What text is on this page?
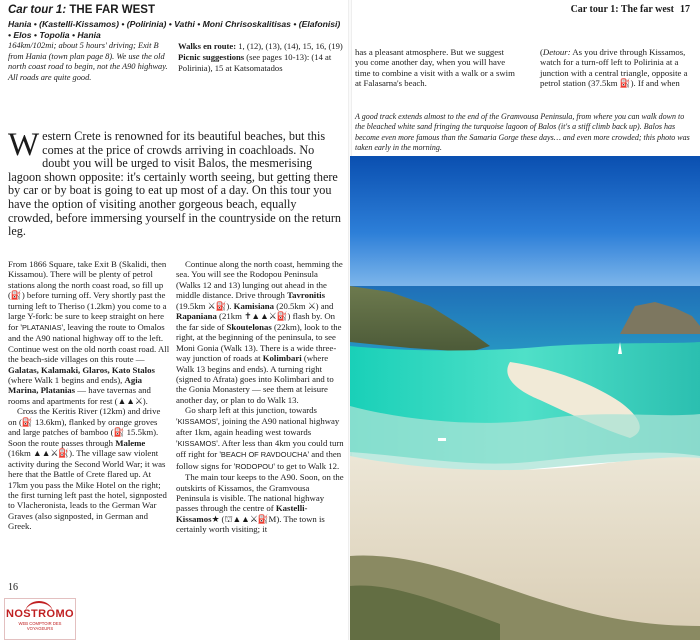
Car tour 1: THE FAR WEST
Hania • (Kastelli-Kissamos) • (Polirinia) • Vathi • Moni Chrisoskalitisas • (Elafonisi) • Elos • Topolia • Hania
164km/102mi; about 5 hours' driving; Exit B from Hania (town plan page 8). We use the old north coast road to begin, not the A90 highway. All roads are quite good.
Walks en route: 1, (12), (13), (14), 15, 16, (19)
Picnic suggestions (see pages 10-13): (14 at Polirinia), 15 at Katsomatados
Western Crete is renowned for its beautiful beaches, but this comes at the price of crowds arriving in coachloads. No doubt you will be urged to visit Balos, the mesmerising lagoon shown opposite: it's certainly worth seeing, but getting there by car or by boat is going to eat up most of a day. On this tour you have the option of visiting another gorgeous beach, equally crowded, before immersing yourself in the countryside on the return leg.

From 1866 Square, take Exit B (Skalidi, then Kissamou). There will be plenty of petrol stations along the north coast road, so fill up (⛽) before turning off. Very shortly past the turning left to Theriso (1.2km) you come to a large Y-fork: be sure to keep straight on here for 'PLATANIAS', leaving the route to Omalos and the A90 national highway off to the left. Continue west on the old north coast road. All the beach-side villages on this route — Galatas, Kalamaki, Glaros, Kato Stalos (where Walk 1 begins and ends), Agia Marina, Platanias — have tavernas and rooms and apartments for rest (▲▲⚔).

Cross the Keritis River (12km) and drive on (⛽ 13.6km), flanked by orange groves and large patches of bamboo (⛽ 15.5km). Soon the route passes through Maleme (16km ▲▲⚔⛽). The village saw violent activity during the Second World War; it was here that the Battle of Crete flared up. At 17km you pass the Mike Hotel on the right; the first turning left past the hotel, signposted to Vlacheronista, leads to the German War Graves (also signposted, in German and Greek.

Continue along the north coast, hemming the sea. You will see the Rodopou Peninsula (Walks 12 and 13) lunging out ahead in the middle distance. Drive through Tavronitis (19.5km ⚔⛽). Kamisiana (20.5km ⚔) and Rapaniana (21km ✝▲▲⚔⛽) flash by. On the far side of Skoutelonas (22km), look to the right, at the beginning of the peninsula, to see Moni Gonia (Walk 13). There is a wide three-way junction of roads at Kolimbari (where Walk 13 begins and ends). A turning right (signed to Afrata) goes into Kolimbari and to the Gonia Monastery — see them at leisure another day, or plan to do Walk 13.

Go sharp left at this junction, towards 'KISSAMOS', joining the A90 national highway after 1km, again heading west towards 'KISSAMOS'. After less than 4km you could turn off right for 'BEACH OF RAVDOUCHA' and then follow signs for 'RODOPOU' to get to Walk 12.

The main tour keeps to the A90. Soon, on the outskirts of Kissamos, the Gramvousa Peninsula is visible. The national highway passes through the centre of Kastelli-Kissamos★ (⛫▲▲⚔⛽M). The town is certainly worth visiting; it

16
NOSTROMO
WEB COMPTOIR DES VOYAGEURS
Car tour 1: The far west 17
has a pleasant atmosphere. But we suggest you come another day, when you will have time to combine a visit with a walk or a swim at Falasarna's beach.
(Detour: As you drive through Kissamos, watch for a turn-off left to Polirinia at a junction with a central triangle, opposite a petrol station (37.5km ⛽). If and when
A good track extends almost to the end of the Gramvousa Peninsula, from where you can walk down to the bleached white sand fringing the turquoise lagoon of Balos (it's a stiff climb back up). Balos has become even more famous than the Samaria Gorge these days… and even more crowded; this photo was taken early in the morning.
